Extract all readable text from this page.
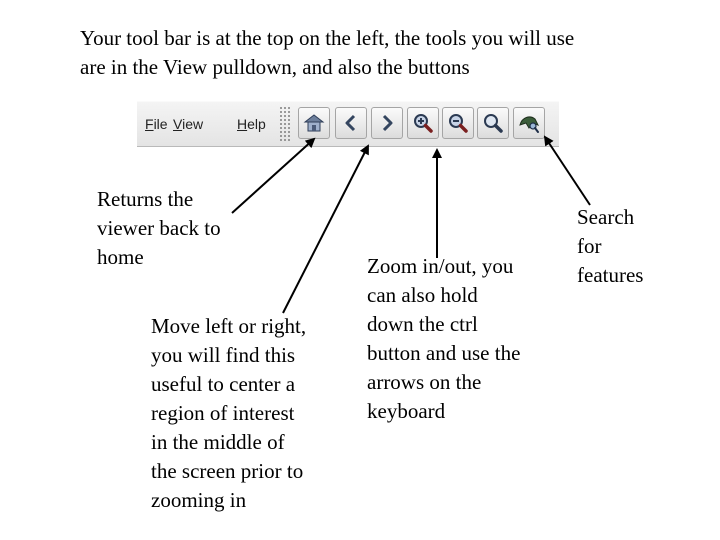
Your tool bar is at the top on the left, the tools you will use
are in the View pulldown, and also the buttons
File View Help
Returns the
viewer back to
home
Move left or right,
you will find this
useful to center a
region of interest
in the middle of
the screen prior to
zooming in
Zoom in/out, you
can also hold
down the ctrl
button and use the
arrows on the
keyboard
Search
for
features
